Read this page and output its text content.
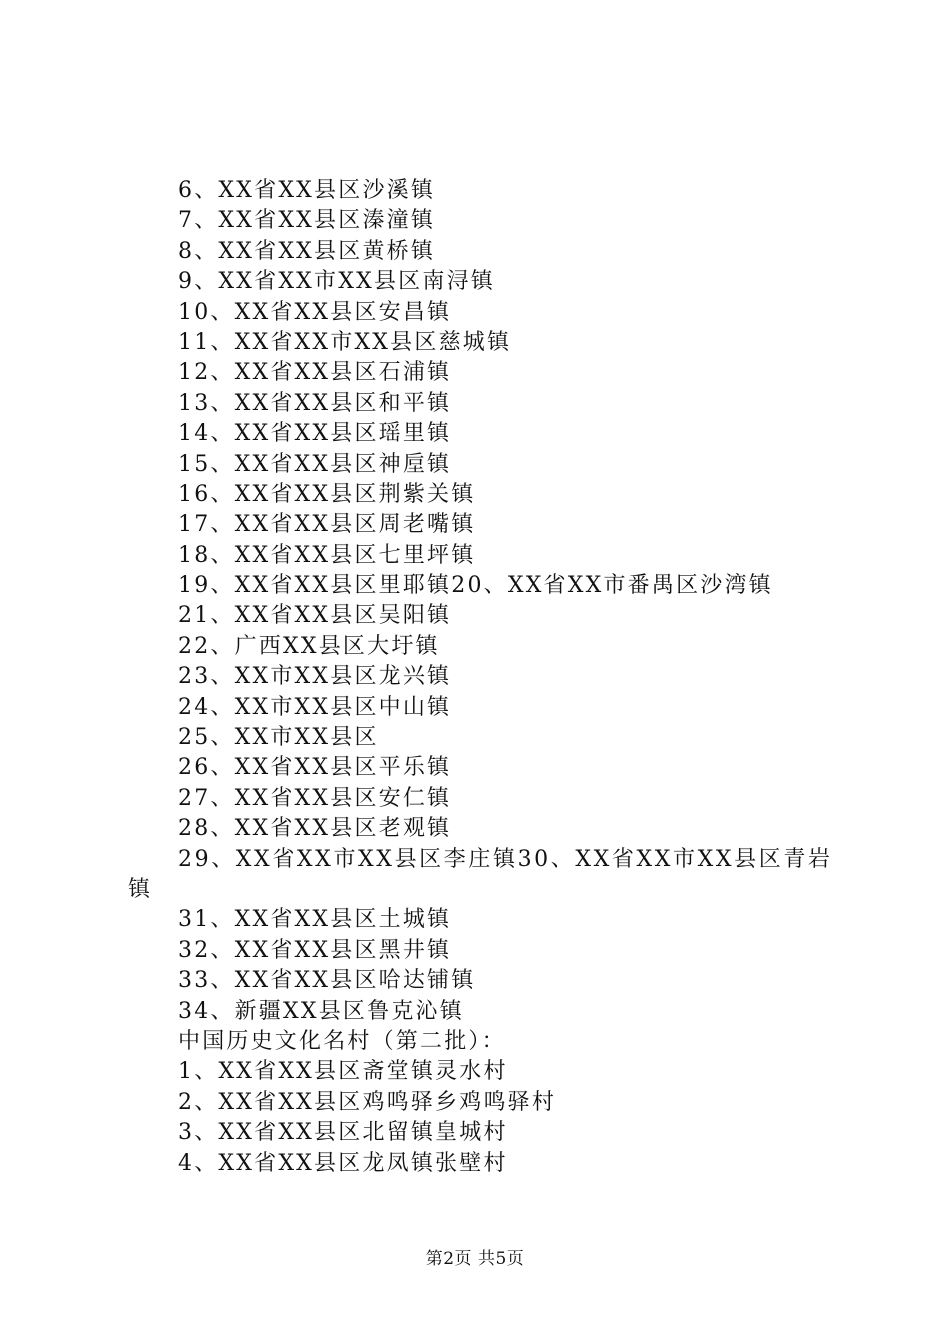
6、XX省XX县区沙溪镇
7、XX省XX县区溱潼镇
8、XX省XX县区黄桥镇
9、XX省XX市XX县区南浔镇
10、XX省XX县区安昌镇
11、XX省XX市XX县区慈城镇
12、XX省XX县区石浦镇
13、XX省XX县区和平镇
14、XX省XX县区瑶里镇
15、XX省XX县区神垕镇
16、XX省XX县区荆紫关镇
17、XX省XX县区周老嘴镇
18、XX省XX县区七里坪镇
19、XX省XX县区里耶镇20、XX省XX市番禺区沙湾镇
21、XX省XX县区吴阳镇
22、广西XX县区大圩镇
23、XX市XX县区龙兴镇
24、XX市XX县区中山镇
25、XX市XX县区
26、XX省XX县区平乐镇
27、XX省XX县区安仁镇
28、XX省XX县区老观镇
29、XX省XX市XX县区李庄镇30、XX省XX市XX县区青岩镇
31、XX省XX县区土城镇
32、XX省XX县区黑井镇
33、XX省XX县区哈达铺镇
34、新疆XX县区鲁克沁镇
中国历史文化名村（第二批）：
1、XX省XX县区斋堂镇灵水村
2、XX省XX县区鸡鸣驿乡鸡鸣驿村
3、XX省XX县区北留镇皇城村
4、XX省XX县区龙凤镇张壁村
第2页 共5页
